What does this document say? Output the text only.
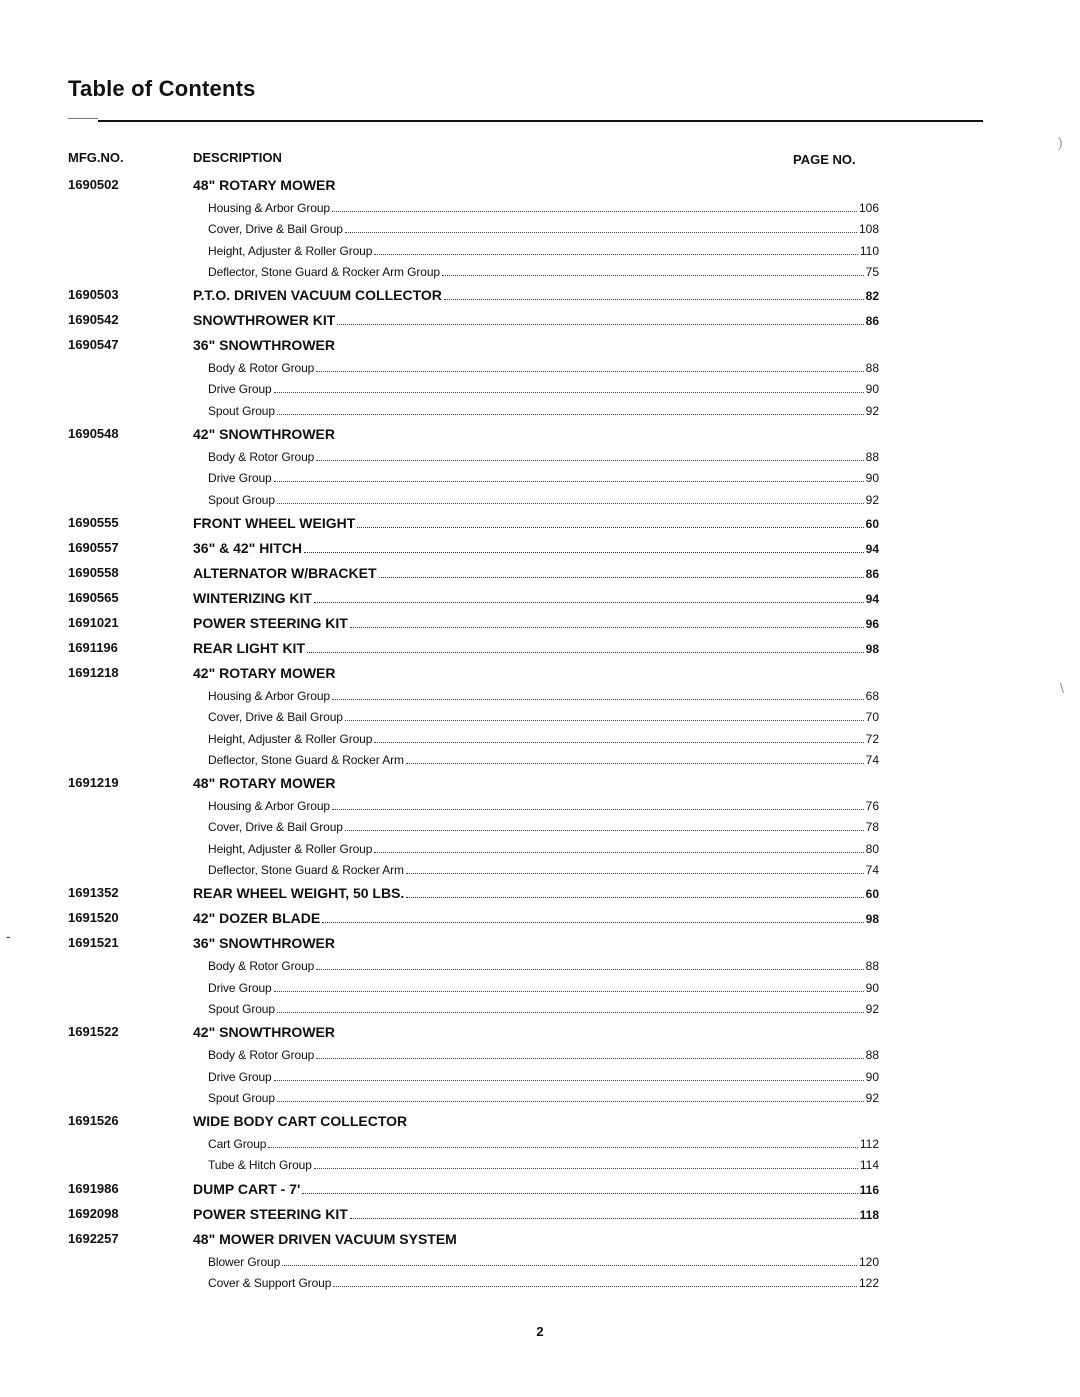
Table of Contents
MFG.NO.	DESCRIPTION	PAGE NO.
1690502	48" ROTARY MOWER
Housing & Arbor Group	106
Cover, Drive & Bail Group	108
Height, Adjuster & Roller Group	110
Deflector, Stone Guard & Rocker Arm Group	75
1690503	P.T.O. DRIVEN VACUUM COLLECTOR	82
1690542	SNOWTHROWER KIT	86
1690547	36" SNOWTHROWER
Body & Rotor Group	88
Drive Group	90
Spout Group	92
1690548	42" SNOWTHROWER
Body & Rotor Group	88
Drive Group	90
Spout Group	92
1690555	FRONT WHEEL WEIGHT	60
1690557	36" & 42" HITCH	94
1690558	ALTERNATOR W/BRACKET	86
1690565	WINTERIZING KIT	94
1691021	POWER STEERING KIT	96
1691196	REAR LIGHT KIT	98
1691218	42" ROTARY MOWER
Housing & Arbor Group	68
Cover, Drive & Bail Group	70
Height, Adjuster & Roller Group	72
Deflector, Stone Guard & Rocker Arm	74
1691219	48" ROTARY MOWER
Housing & Arbor Group	76
Cover, Drive & Bail Group	78
Height, Adjuster & Roller Group	80
Deflector, Stone Guard & Rocker Arm	74
1691352	REAR WHEEL WEIGHT, 50 LBS.	60
1691520	42" DOZER BLADE	98
1691521	36" SNOWTHROWER
Body & Rotor Group	88
Drive Group	90
Spout Group	92
1691522	42" SNOWTHROWER
Body & Rotor Group	88
Drive Group	90
Spout Group	92
1691526	WIDE BODY CART COLLECTOR
Cart Group	112
Tube & Hitch Group	114
1691986	DUMP CART - 7'	116
1692098	POWER STEERING KIT	118
1692257	48" MOWER DRIVEN VACUUM SYSTEM
Blower Group	120
Cover & Support Group	122
2
)
\
-
